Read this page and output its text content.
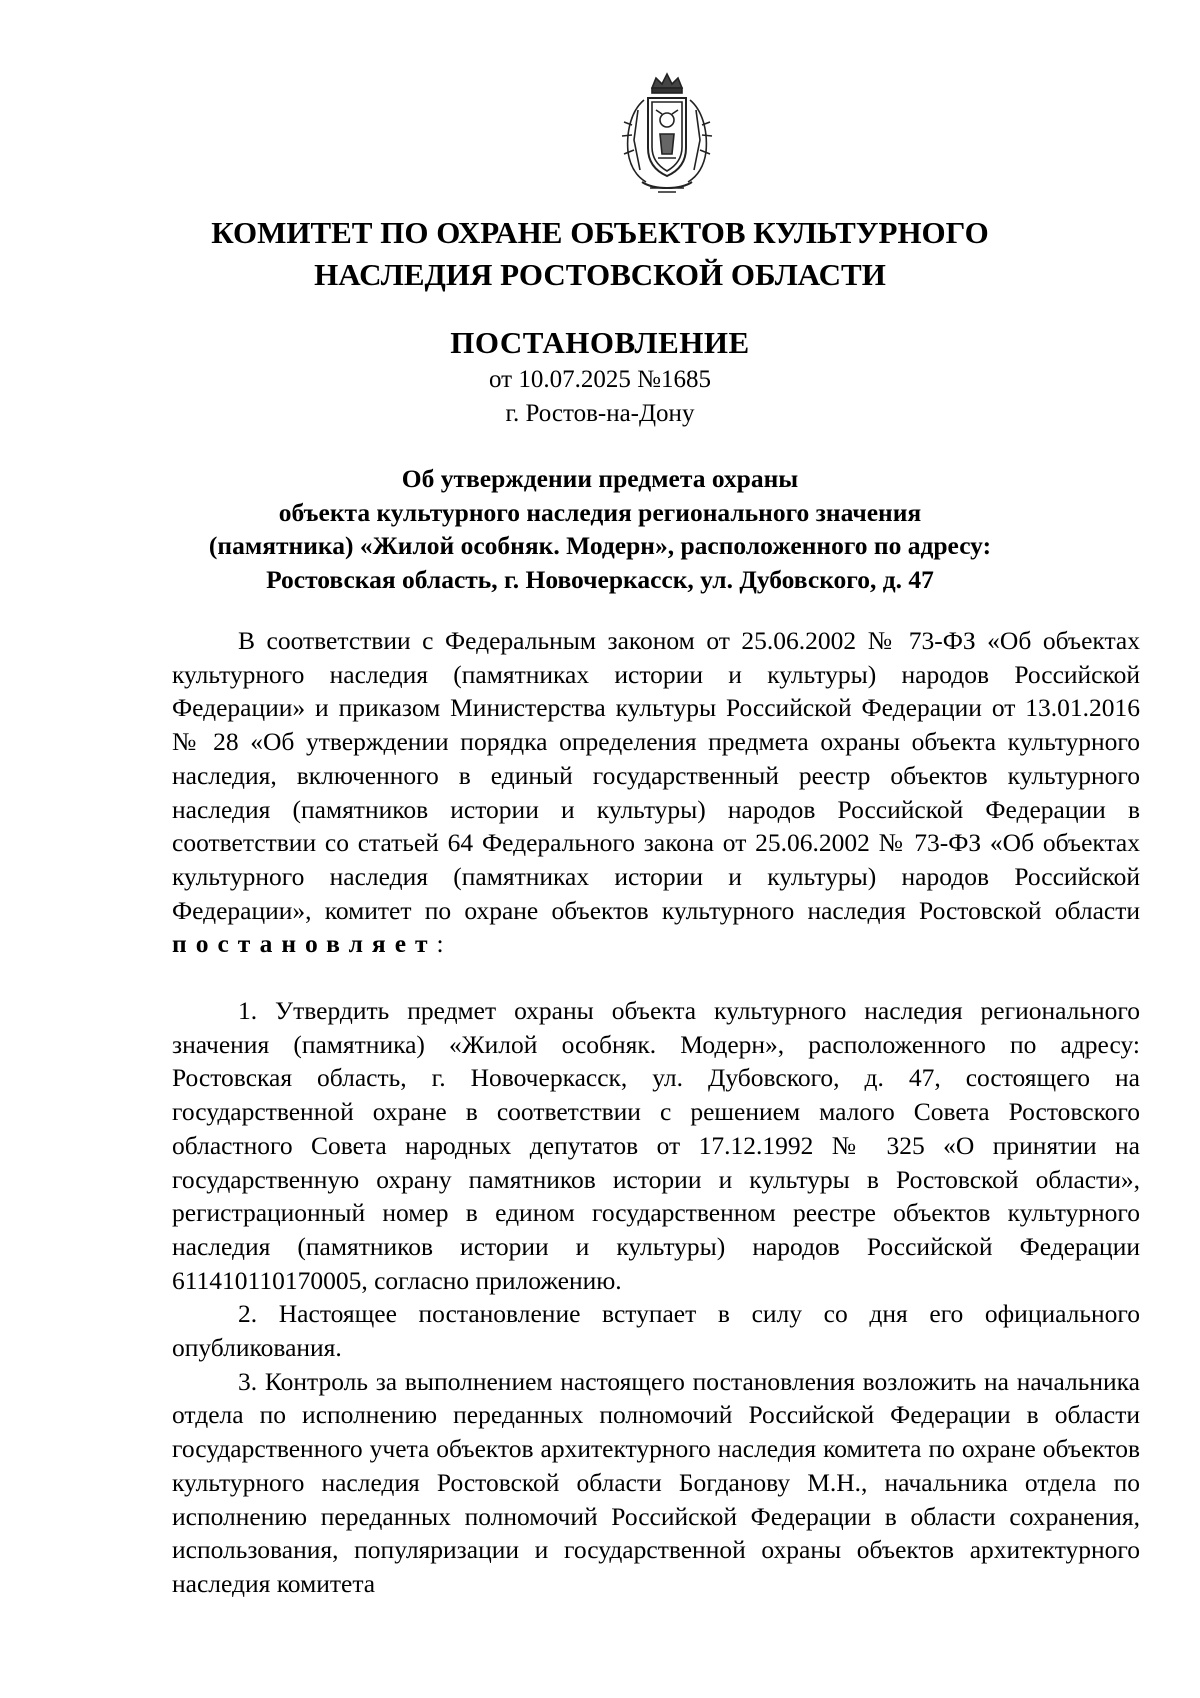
КОМИТЕТ ПО ОХРАНЕ ОБЪЕКТОВ КУЛЬТУРНОГО
НАСЛЕДИЯ РОСТОВСКОЙ ОБЛАСТИ
ПОСТАНОВЛЕНИЕ
от 10.07.2025 №1685
г. Ростов-на-Дону
Об утверждении предмета охраны
объекта культурного наследия регионального значения
(памятника) «Жилой особняк. Модерн», расположенного по адресу:
Ростовская область, г. Новочеркасск, ул. Дубовского, д. 47

В соответствии с Федеральным законом от 25.06.2002 № 73-ФЗ «Об объектах культурного наследия (памятниках истории и культуры) народов Российской Федерации» и приказом Министерства культуры Российской Федерации от 13.01.2016 № 28 «Об утверждении порядка определения предмета охраны объекта культурного наследия, включенного в единый государственный реестр объектов культурного наследия (памятников истории и культуры) народов Российской Федерации в соответствии со статьей 64 Федерального закона от 25.06.2002 № 73-ФЗ «Об объектах культурного наследия (памятниках истории и культуры) народов Российской Федерации», комитет по охране объектов культурного наследия Ростовской области постановляет:

1. Утвердить предмет охраны объекта культурного наследия регионального значения (памятника) «Жилой особняк. Модерн», расположенного по адресу: Ростовская область, г. Новочеркасск, ул. Дубовского, д. 47, состоящего на государственной охране в соответствии с решением малого Совета Ростовского областного Совета народных депутатов от 17.12.1992 № 325 «О принятии на государственную охрану памятников истории и культуры в Ростовской области», регистрационный номер в едином государственном реестре объектов культурного наследия (памятников истории и культуры) народов Российской Федерации 611410110170005, согласно приложению.

2. Настоящее постановление вступает в силу со дня его официального опубликования.

3. Контроль за выполнением настоящего постановления возложить на начальника отдела по исполнению переданных полномочий Российской Федерации в области государственного учета объектов архитектурного наследия комитета по охране объектов культурного наследия Ростовской области Богданову М.Н., начальника отдела по исполнению переданных полномочий Российской Федерации в области сохранения, использования, популяризации и государственной охраны объектов архитектурного наследия комитета
